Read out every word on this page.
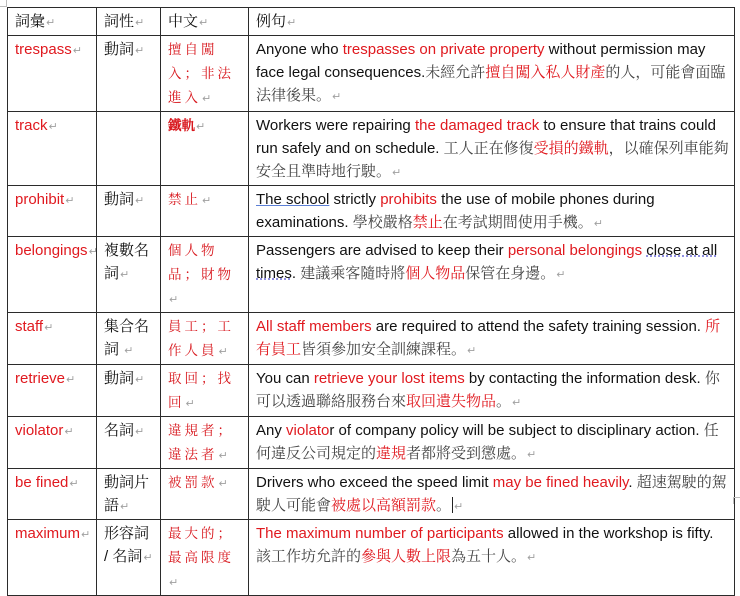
詞彙↵	詞性↵	中文↵	例句↵
trespass↵	動詞↵	擅自闖
入；非法
進入↵	Anyone who trespasses on private property without permission may face legal consequences.未經允許擅自闖入私人財產的人，可能會面臨法律後果。↵
track↵		鐵軌↵	Workers were repairing the damaged track to ensure that trains could run safely and on schedule. 工人正在修復受損的鐵軌，以確保列車能夠安全且準時地行駛。↵
prohibit↵	動詞↵	禁止↵	The school strictly prohibits the use of mobile phones during examinations. 學校嚴格禁止在考試期間使用手機。↵
belongings↵	複數名
詞↵	個人物
品；財物↵	Passengers are advised to keep their personal belongings close at all times. 建議乘客隨時將個人物品保管在身邊。↵
staff↵	集合名
詞 ↵	員工；工
作人員↵	All staff members are required to attend the safety training session. 所有員工皆須參加安全訓練課程。↵
retrieve↵	動詞↵	取回；找
回↵	You can retrieve your lost items by contacting the information desk. 你可以透過聯絡服務台來取回遺失物品。↵
violator↵	名詞↵	違規者；
違法者↵	Any violator of company policy will be subject to disciplinary action. 任何違反公司規定的違規者都將受到懲處。↵
be fined↵	動詞片
語↵	被罰款↵	Drivers who exceed the speed limit may be fined heavily. 超速駕駛的駕駛人可能會被處以高額罰款。 ↵
maximum↵	形容詞
/ 名詞↵	最大的；
最高限度↵	The maximum number of participants allowed in the workshop is fifty. 該工作坊允許的參與人數上限為五十人。↵
